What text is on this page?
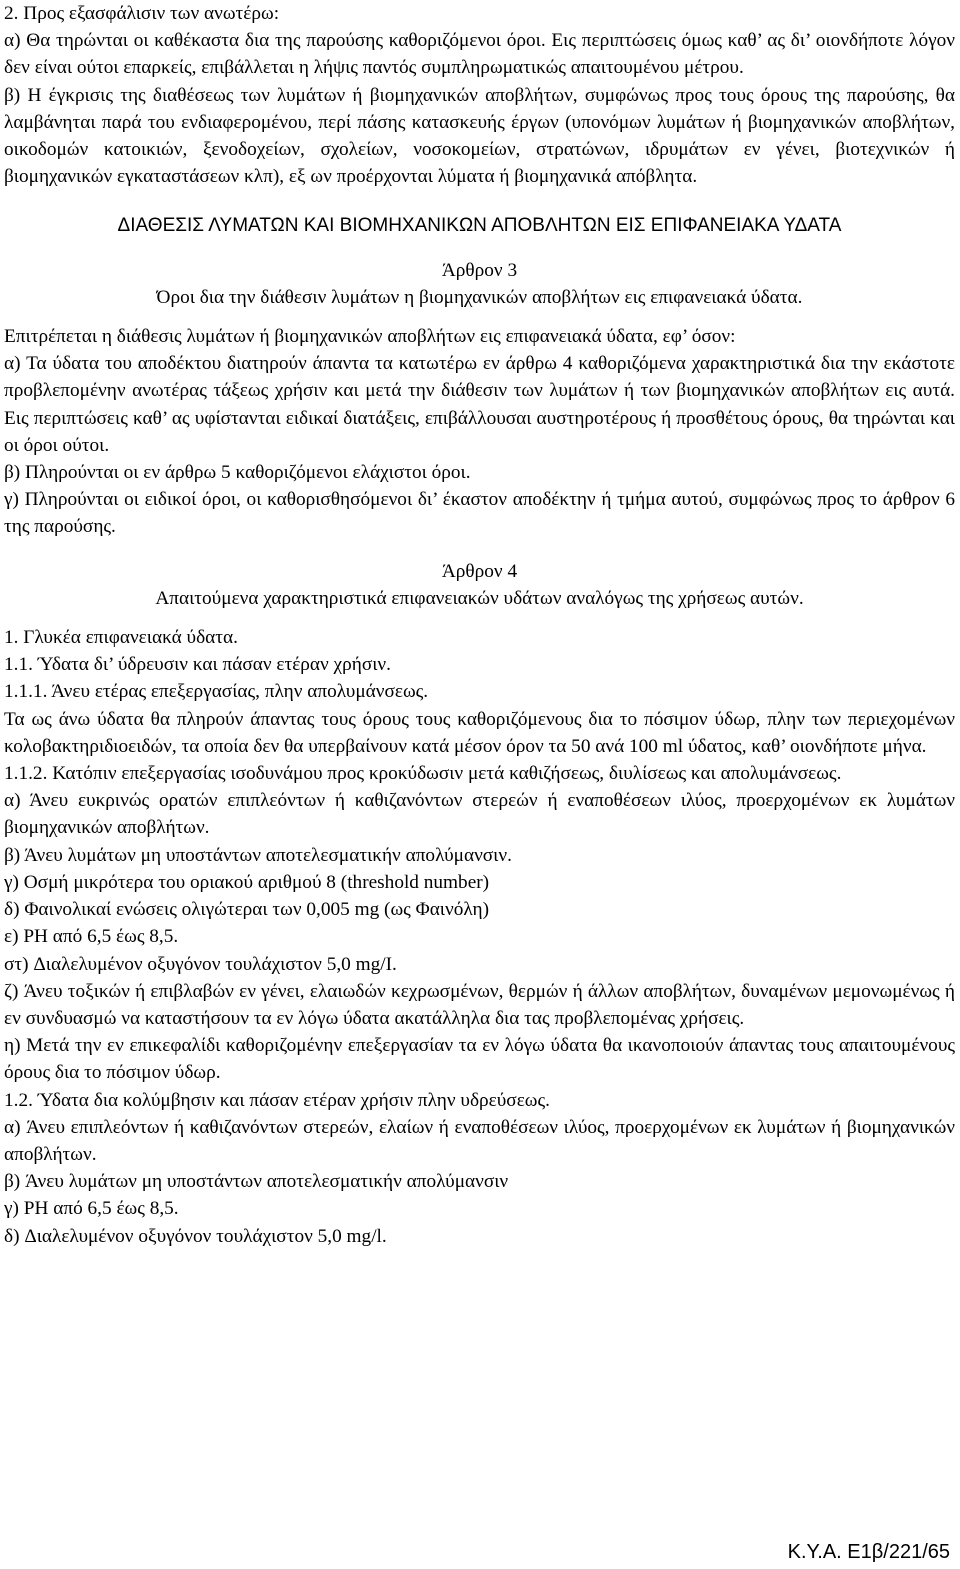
2. Προς εξασφάλισιν των ανωτέρω:
α) Θα τηρώνται οι καθέκαστα δια της παρούσης καθοριζόμενοι όροι. Εις περιπτώσεις όμως καθ’ ας δι’ οιονδήποτε λόγον δεν είναι ούτοι επαρκείς, επιβάλλεται η λήψις παντός συμπληρωματικώς απαιτουμένου μέτρου.
β) Η έγκρισις της διαθέσεως των λυμάτων ή βιομηχανικών αποβλήτων, συμφώνως προς τους όρους της παρούσης, θα λαμβάνηται παρά του ενδιαφερομένου, περί πάσης κατασκευής έργων (υπονόμων λυμάτων ή βιομηχανικών αποβλήτων, οικοδομών κατοικιών, ξενοδοχείων, σχολείων, νοσοκομείων, στρατώνων, ιδρυμάτων εν γένει, βιοτεχνικών ή βιομηχανικών εγκαταστάσεων κλπ), εξ ων προέρχονται λύματα ή βιομηχανικά απόβλητα.

ΔΙΑΘΕΣΙΣ ΛΥΜΑΤΩΝ ΚΑΙ ΒΙΟΜΗΧΑΝΙΚΩΝ ΑΠΟΒΛΗΤΩΝ ΕΙΣ ΕΠΙΦΑΝΕΙΑΚΑ ΥΔΑΤΑ

Άρθρον 3

Όροι δια την διάθεσιν λυμάτων η βιομηχανικών αποβλήτων εις επιφανειακά ύδατα.

Επιτρέπεται η διάθεσις λυμάτων ή βιομηχανικών αποβλήτων εις επιφανειακά ύδατα, εφ’ όσον:
α) Τα ύδατα του αποδέκτου διατηρούν άπαντα τα κατωτέρω εν άρθρω 4 καθοριζόμενα χαρακτηριστικά δια την εκάστοτε προβλεπομένην ανωτέρας τάξεως χρήσιν και μετά την διάθεσιν των λυμάτων ή των βιομηχανικών αποβλήτων εις αυτά. Εις περιπτώσεις καθ’ ας υφίστανται ειδικαί διατάξεις, επιβάλλουσαι αυστηροτέρους ή προσθέτους όρους, θα τηρώνται και οι όροι ούτοι.
β) Πληρούνται οι εν άρθρω 5 καθοριζόμενοι ελάχιστοι όροι.
γ) Πληρούνται οι ειδικοί όροι, οι καθορισθησόμενοι δι’ έκαστον αποδέκτην ή τμήμα αυτού, συμφώνως προς το άρθρον 6 της παρούσης.

Άρθρον 4

Απαιτούμενα χαρακτηριστικά επιφανειακών υδάτων αναλόγως της χρήσεως αυτών.

1. Γλυκέα επιφανειακά ύδατα.
1.1. Ύδατα δι’ ύδρευσιν και πάσαν ετέραν χρήσιν.
1.1.1. Άνευ ετέρας επεξεργασίας, πλην απολυμάνσεως.
Τα ως άνω ύδατα θα πληρούν άπαντας τους όρους τους καθοριζόμενους δια το πόσιμον ύδωρ, πλην των περιεχομένων κολοβακτηριδιοειδών, τα οποία δεν θα υπερβαίνουν κατά μέσον όρον τα 50 ανά 100 ml ύδατος, καθ’ οιονδήποτε μήνα.
1.1.2. Κατόπιν επεξεργασίας ισοδυνάμου προς κροκύδωσιν μετά καθιζήσεως, διυλίσεως και απολυμάνσεως.
α) Άνευ ευκρινώς ορατών επιπλεόντων ή καθιζανόντων στερεών ή εναποθέσεων ιλύος, προερχομένων εκ λυμάτων βιομηχανικών αποβλήτων.
β) Άνευ λυμάτων μη υποστάντων αποτελεσματικήν απολύμανσιν.
γ) Οσμή μικρότερα του οριακού αριθμού 8 (threshold number)
δ) Φαινολικαί ενώσεις ολιγώτεραι των 0,005 mg (ως Φαινόλη)
ε) PH από 6,5 έως 8,5.
στ) Διαλελυμένον οξυγόνον τουλάχιστον 5,0 mg/I.
ζ) Άνευ τοξικών ή επιβλαβών εν γένει, ελαιωδών κεχρωσμένων, θερμών ή άλλων αποβλήτων, δυναμένων μεμονωμένως ή εν συνδυασμώ να καταστήσουν τα εν λόγω ύδατα ακατάλληλα δια τας προβλεπομένας χρήσεις.
η) Μετά την εν επικεφαλίδι καθοριζομένην επεξεργασίαν τα εν λόγω ύδατα θα ικανοποιούν άπαντας τους απαιτουμένους όρους δια το πόσιμον ύδωρ.
1.2. Ύδατα δια κολύμβησιν και πάσαν ετέραν χρήσιν πλην υδρεύσεως.
α) Άνευ επιπλεόντων ή καθιζανόντων στερεών, ελαίων ή εναποθέσεων ιλύος, προερχομένων εκ λυμάτων ή βιομηχανικών αποβλήτων.
β) Άνευ λυμάτων μη υποστάντων αποτελεσματικήν απολύμανσιν
γ) PH από 6,5 έως 8,5.
δ) Διαλελυμένον οξυγόνον τουλάχιστον 5,0 mg/l.

Κ.Υ.Α. Ε1β/221/65
